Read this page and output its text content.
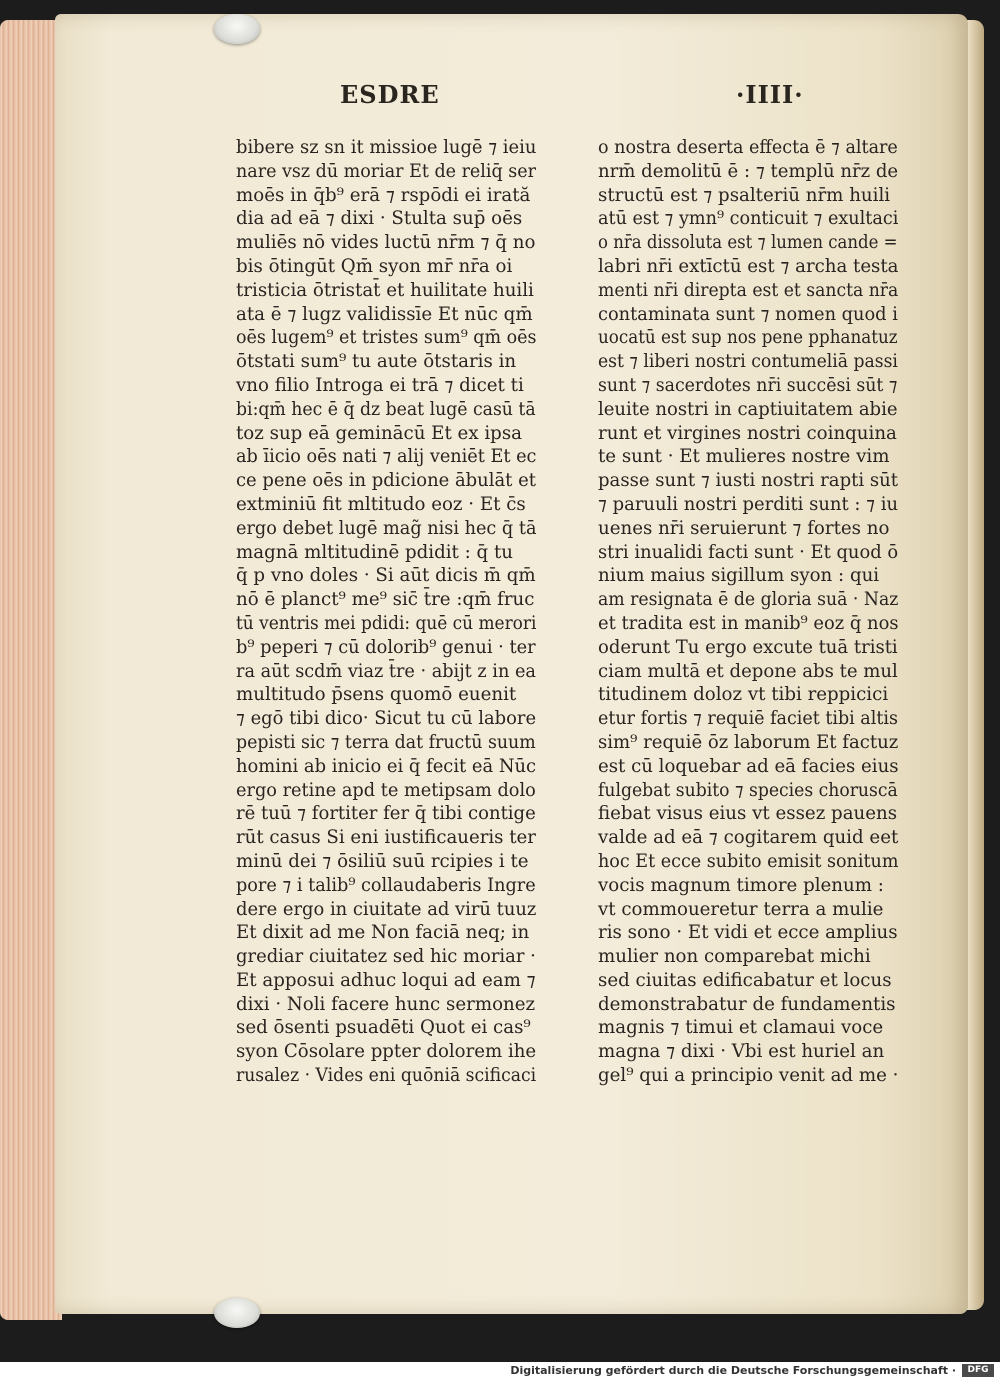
ESDRE	·IIII·
bibere sz sn it missioe lugē ⁊ ieiu
nare vsz dū moriar Et de reliq̄ ser
moēs in q̄b⁹ erā ⁊ rspōdi ei irată
dia ad eā ⁊ dixi · Stulta sup̄ oēs
muliēs nō vides luctū nr̄m ⁊ q̄ no
bis ōtingūt Qm̄ syon mr̄ nr̄a oi
tristicia ōtristat̄ et huilitate huili
ata ē ⁊ lugz validissīe Et nūc qm̄
oēs lugem⁹ et tristes sum⁹ qm̄ oēs
ōtstati sum⁹ tu aute ōtstaris in
vno filio Introga ei trā ⁊ dicet ti
bi:qm̄ hec ē q̄ dz beat lugē casū tā
toz sup eā geminācū Et ex ipsa
ab īicio oēs nati ⁊ alij veniēt Et ec
ce pene oēs in pdicione ābulāt et
extminiū fit mltitudo eoz · Et c̄s
ergo debet lugē mag̃ nisi hec q̄ tā
magnā mltitudinē pdidit : q̄ tu
q̄ p vno doles · Si aūt dicis m̄ qm̄
nō ē planct⁹ me⁹ sic̄ t̄re :qm̄ fruc
tū ventris mei pdidi: quē cū merori
b⁹ peperi ⁊ cū dolorib⁹ genui · ter
ra aūt scdm̄ viaz t̄re · abijt z in ea
multitudo p̄sens quomō euenit
⁊ egō tibi dico· Sicut tu cū labore
pepisti sic ⁊ terra dat fructū suum
homini ab inicio ei q̄ fecit eā Nūc
ergo retine apd te metipsam dolo
rē tuū ⁊ fortiter fer q̄ tibi contige
rūt casus Si eni iustificaueris ter
minū dei ⁊ ōsiliū suū rcipies i te
pore ⁊ i talib⁹ collaudaberis Ingre
dere ergo in ciuitate ad virū tuuz
Et dixit ad me Non faciā neq; in
grediar ciuitatez sed hic moriar ·
Et apposui adhuc loqui ad eam ⁊
dixi · Noli facere hunc sermonez
sed ōsenti psuadēti Quot ei cas⁹
syon Cōsolare ppter dolorem ihe
rusalez · Vides eni quōniā scificaci
o nostra deserta effecta ē ⁊ altare
nrm̄ demolitū ē : ⁊ templū nr̄z de
structū est ⁊ psalteriū nr̄m huili
atū est ⁊ ymn⁹ conticuit ⁊ exultaci
o nr̄a dissoluta est ⁊ lumen cande =
labri nr̄i extīctū est ⁊ archa testa
menti nr̄i direpta est et sancta nr̄a
contaminata sunt ⁊ nomen quod i
uocatū est sup nos pene pphanatuz
est ⁊ liberi nostri contumeliā passi
sunt ⁊ sacerdotes nr̄i succēsi sūt ⁊
leuite nostri in captiuitatem abie
runt et virgines nostri coinquina
te sunt · Et mulieres nostre vim
passe sunt ⁊ iusti nostri rapti sūt
⁊ paruuli nostri perditi sunt : ⁊ iu
uenes nr̄i seruierunt ⁊ fortes no
stri inualidi facti sunt · Et quod ō
nium maius sigillum syon : qui
am resignata ē de gloria suā · Naz
et tradita est in manib⁹ eoz q̄ nos
oderunt Tu ergo excute tuā tristi
ciam multā et depone abs te mul
titudinem doloz vt tibi reppicici
etur fortis ⁊ requiē faciet tibi altis
sim⁹ requiē ōz laborum Et factuz
est cū loquebar ad eā facies eius
fulgebat subito ⁊ species choruscā
fiebat visus eius vt essez pauens
valde ad eā ⁊ cogitarem quid eet
hoc Et ecce subito emisit sonitum
vocis magnum timore plenum :
vt commoueretur terra a mulie
ris sono · Et vidi et ecce amplius
mulier non comparebat michi
sed ciuitas edificabatur et locus
demonstrabatur de fundamentis
magnis ⁊ timui et clamaui voce
magna ⁊ dixi · Vbi est huriel an
gel⁹ qui a principio venit ad me ·
Digitalisierung gefördert durch die Deutsche Forschungsgemeinschaft ·	DFG
